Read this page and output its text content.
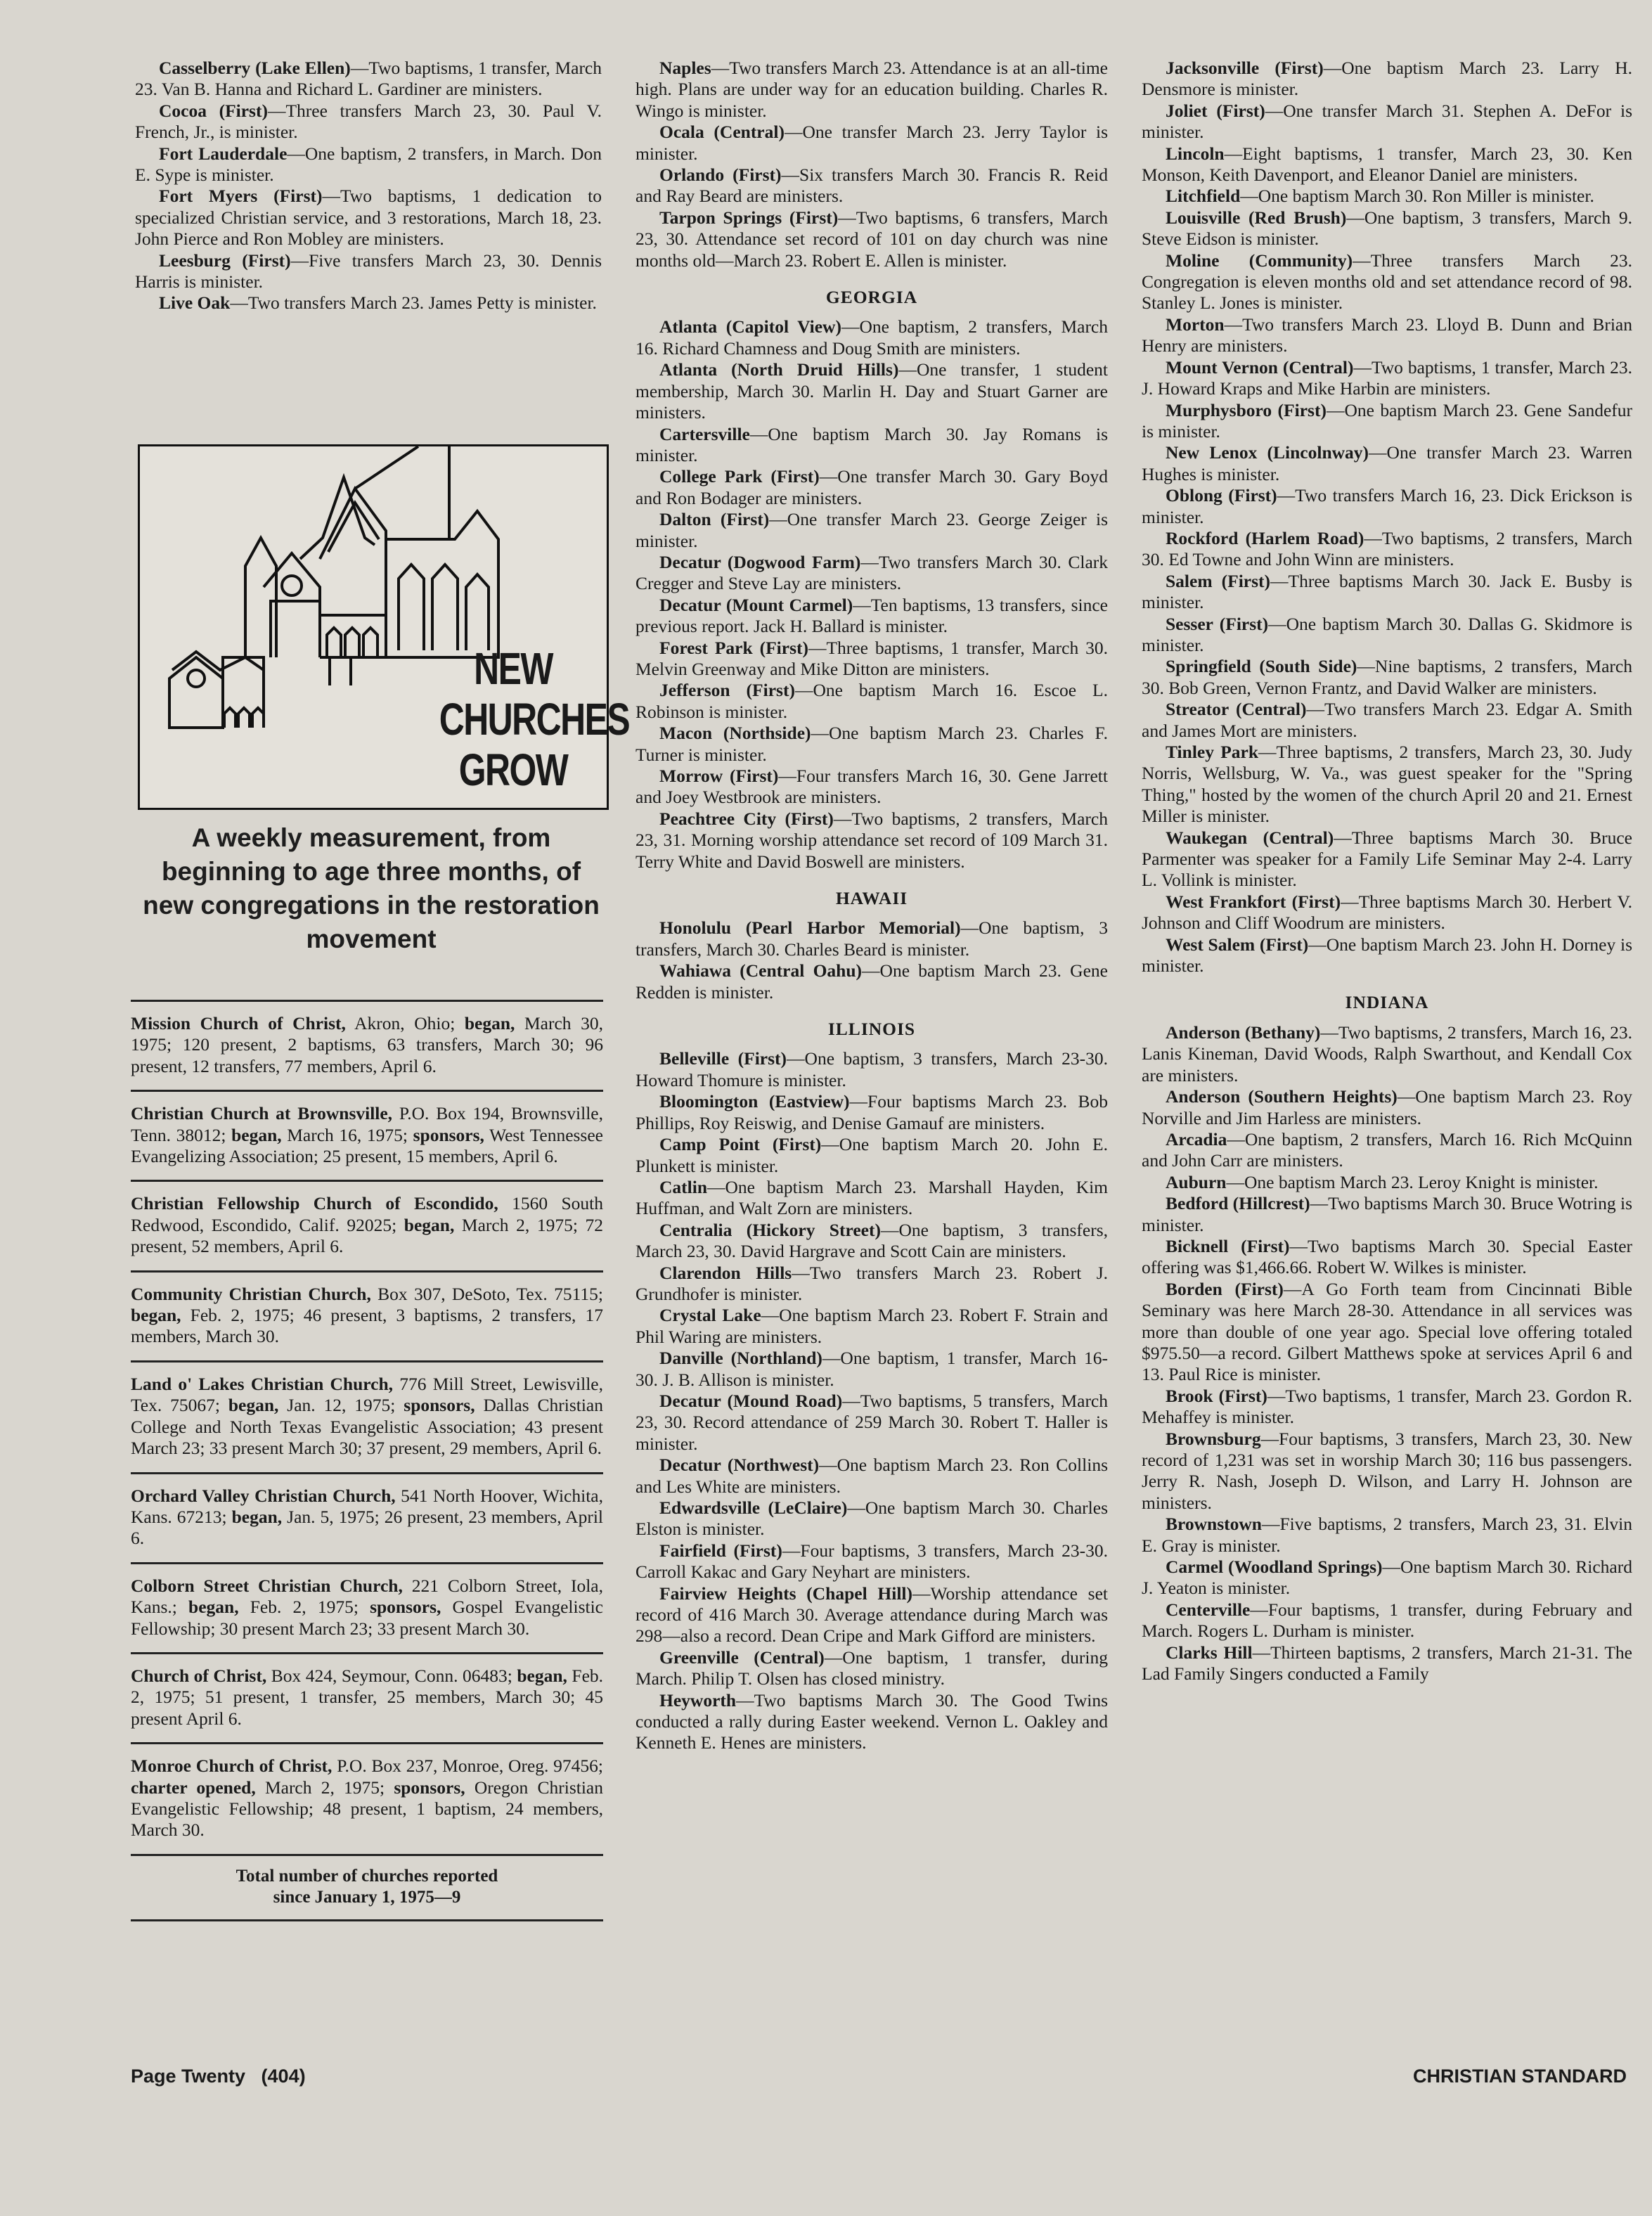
Casselberry (Lake Ellen)—Two baptisms, 1 transfer, March 23. Van B. Hanna and Richard L. Gardiner are ministers.

Cocoa (First)—Three transfers March 23, 30. Paul V. French, Jr., is minister.

Fort Lauderdale—One baptism, 2 transfers, in March. Don E. Sype is minister.

Fort Myers (First)—Two baptisms, 1 dedication to specialized Christian service, and 3 restorations, March 18, 23. John Pierce and Ron Mobley are ministers.

Leesburg (First)—Five transfers March 23, 30. Dennis Harris is minister.

Live Oak—Two transfers March 23. James Petty is minister.

NEW
CHURCHES
GROW
A weekly measurement, from beginning to age three months, of new congregations in the restoration movement
Mission Church of Christ, Akron, Ohio; began, March 30, 1975; 120 present, 2 baptisms, 63 transfers, March 30; 96 present, 12 transfers, 77 members, April 6.
Christian Church at Brownsville, P.O. Box 194, Brownsville, Tenn. 38012; began, March 16, 1975; sponsors, West Tennessee Evangelizing Association; 25 present, 15 members, April 6.
Christian Fellowship Church of Escondido, 1560 South Redwood, Escondido, Calif. 92025; began, March 2, 1975; 72 present, 52 members, April 6.
Community Christian Church, Box 307, DeSoto, Tex. 75115; began, Feb. 2, 1975; 46 present, 3 baptisms, 2 transfers, 17 members, March 30.
Land o' Lakes Christian Church, 776 Mill Street, Lewisville, Tex. 75067; began, Jan. 12, 1975; sponsors, Dallas Christian College and North Texas Evangelistic Association; 43 present March 23; 33 present March 30; 37 present, 29 members, April 6.
Orchard Valley Christian Church, 541 North Hoover, Wichita, Kans. 67213; began, Jan. 5, 1975; 26 present, 23 members, April 6.
Colborn Street Christian Church, 221 Colborn Street, Iola, Kans.; began, Feb. 2, 1975; sponsors, Gospel Evangelistic Fellowship; 30 present March 23; 33 present March 30.
Church of Christ, Box 424, Seymour, Conn. 06483; began, Feb. 2, 1975; 51 present, 1 transfer, 25 members, March 30; 45 present April 6.
Monroe Church of Christ, P.O. Box 237, Monroe, Oreg. 97456; charter opened, March 2, 1975; sponsors, Oregon Christian Evangelistic Fellowship; 48 present, 1 baptism, 24 members, March 30.
Total number of churches reported
since January 1, 1975—9

Naples—Two transfers March 23. Attendance is at an all-time high. Plans are under way for an education building. Charles R. Wingo is minister.

Ocala (Central)—One transfer March 23. Jerry Taylor is minister.

Orlando (First)—Six transfers March 30. Francis R. Reid and Ray Beard are ministers.

Tarpon Springs (First)—Two baptisms, 6 transfers, March 23, 30. Attendance set record of 101 on day church was nine months old—March 23. Robert E. Allen is minister.

GEORGIA

Atlanta (Capitol View)—One baptism, 2 transfers, March 16. Richard Chamness and Doug Smith are ministers.

Atlanta (North Druid Hills)—One transfer, 1 student membership, March 30. Marlin H. Day and Stuart Garner are ministers.

Cartersville—One baptism March 30. Jay Romans is minister.

College Park (First)—One transfer March 30. Gary Boyd and Ron Bodager are ministers.

Dalton (First)—One transfer March 23. George Zeiger is minister.

Decatur (Dogwood Farm)—Two transfers March 30. Clark Cregger and Steve Lay are ministers.

Decatur (Mount Carmel)—Ten baptisms, 13 transfers, since previous report. Jack H. Ballard is minister.

Forest Park (First)—Three baptisms, 1 transfer, March 30. Melvin Greenway and Mike Ditton are ministers.

Jefferson (First)—One baptism March 16. Escoe L. Robinson is minister.

Macon (Northside)—One baptism March 23. Charles F. Turner is minister.

Morrow (First)—Four transfers March 16, 30. Gene Jarrett and Joey Westbrook are ministers.

Peachtree City (First)—Two baptisms, 2 transfers, March 23, 31. Morning worship attendance set record of 109 March 31. Terry White and David Boswell are ministers.

HAWAII

Honolulu (Pearl Harbor Memorial)—One baptism, 3 transfers, March 30. Charles Beard is minister.

Wahiawa (Central Oahu)—One baptism March 23. Gene Redden is minister.

ILLINOIS

Belleville (First)—One baptism, 3 transfers, March 23-30. Howard Thomure is minister.

Bloomington (Eastview)—Four baptisms March 23. Bob Phillips, Roy Reiswig, and Denise Gamauf are ministers.

Camp Point (First)—One baptism March 20. John E. Plunkett is minister.

Catlin—One baptism March 23. Marshall Hayden, Kim Huffman, and Walt Zorn are ministers.

Centralia (Hickory Street)—One baptism, 3 transfers, March 23, 30. David Hargrave and Scott Cain are ministers.

Clarendon Hills—Two transfers March 23. Robert J. Grundhofer is minister.

Crystal Lake—One baptism March 23. Robert F. Strain and Phil Waring are ministers.

Danville (Northland)—One baptism, 1 transfer, March 16-30. J. B. Allison is minister.

Decatur (Mound Road)—Two baptisms, 5 transfers, March 23, 30. Record attendance of 259 March 30. Robert T. Haller is minister.

Decatur (Northwest)—One baptism March 23. Ron Collins and Les White are ministers.

Edwardsville (LeClaire)—One baptism March 30. Charles Elston is minister.

Fairfield (First)—Four baptisms, 3 transfers, March 23-30. Carroll Kakac and Gary Neyhart are ministers.

Fairview Heights (Chapel Hill)—Worship attendance set record of 416 March 30. Average attendance during March was 298—also a record. Dean Cripe and Mark Gifford are ministers.

Greenville (Central)—One baptism, 1 transfer, during March. Philip T. Olsen has closed ministry.

Heyworth—Two baptisms March 30. The Good Twins conducted a rally during Easter weekend. Vernon L. Oakley and Kenneth E. Henes are ministers.

Jacksonville (First)—One baptism March 23. Larry H. Densmore is minister.

Joliet (First)—One transfer March 31. Stephen A. DeFor is minister.

Lincoln—Eight baptisms, 1 transfer, March 23, 30. Ken Monson, Keith Davenport, and Eleanor Daniel are ministers.

Litchfield—One baptism March 30. Ron Miller is minister.

Louisville (Red Brush)—One baptism, 3 transfers, March 9. Steve Eidson is minister.

Moline (Community)—Three transfers March 23. Congregation is eleven months old and set attendance record of 98. Stanley L. Jones is minister.

Morton—Two transfers March 23. Lloyd B. Dunn and Brian Henry are ministers.

Mount Vernon (Central)—Two baptisms, 1 transfer, March 23. J. Howard Kraps and Mike Harbin are ministers.

Murphysboro (First)—One baptism March 23. Gene Sandefur is minister.

New Lenox (Lincolnway)—One transfer March 23. Warren Hughes is minister.

Oblong (First)—Two transfers March 16, 23. Dick Erickson is minister.

Rockford (Harlem Road)—Two baptisms, 2 transfers, March 30. Ed Towne and John Winn are ministers.

Salem (First)—Three baptisms March 30. Jack E. Busby is minister.

Sesser (First)—One baptism March 30. Dallas G. Skidmore is minister.

Springfield (South Side)—Nine baptisms, 2 transfers, March 30. Bob Green, Vernon Frantz, and David Walker are ministers.

Streator (Central)—Two transfers March 23. Edgar A. Smith and James Mort are ministers.

Tinley Park—Three baptisms, 2 transfers, March 23, 30. Judy Norris, Wellsburg, W. Va., was guest speaker for the "Spring Thing," hosted by the women of the church April 20 and 21. Ernest Miller is minister.

Waukegan (Central)—Three baptisms March 30. Bruce Parmenter was speaker for a Family Life Seminar May 2-4. Larry L. Vollink is minister.

West Frankfort (First)—Three baptisms March 30. Herbert V. Johnson and Cliff Woodrum are ministers.

West Salem (First)—One baptism March 23. John H. Dorney is minister.

INDIANA

Anderson (Bethany)—Two baptisms, 2 transfers, March 16, 23. Lanis Kineman, David Woods, Ralph Swarthout, and Kendall Cox are ministers.

Anderson (Southern Heights)—One baptism March 23. Roy Norville and Jim Harless are ministers.

Arcadia—One baptism, 2 transfers, March 16. Rich McQuinn and John Carr are ministers.

Auburn—One baptism March 23. Leroy Knight is minister.

Bedford (Hillcrest)—Two baptisms March 30. Bruce Wotring is minister.

Bicknell (First)—Two baptisms March 30. Special Easter offering was $1,466.66. Robert W. Wilkes is minister.

Borden (First)—A Go Forth team from Cincinnati Bible Seminary was here March 28-30. Attendance in all services was more than double of one year ago. Special love offering totaled $975.50—a record. Gilbert Matthews spoke at services April 6 and 13. Paul Rice is minister.

Brook (First)—Two baptisms, 1 transfer, March 23. Gordon R. Mehaffey is minister.

Brownsburg—Four baptisms, 3 transfers, March 23, 30. New record of 1,231 was set in worship March 30; 116 bus passengers. Jerry R. Nash, Joseph D. Wilson, and Larry H. Johnson are ministers.

Brownstown—Five baptisms, 2 transfers, March 23, 31. Elvin E. Gray is minister.

Carmel (Woodland Springs)—One baptism March 30. Richard J. Yeaton is minister.

Centerville—Four baptisms, 1 transfer, during February and March. Rogers L. Durham is minister.

Clarks Hill—Thirteen baptisms, 2 transfers, March 21-31. The Lad Family Singers conducted a Family

Page Twenty   (404)	CHRISTIAN STANDARD
